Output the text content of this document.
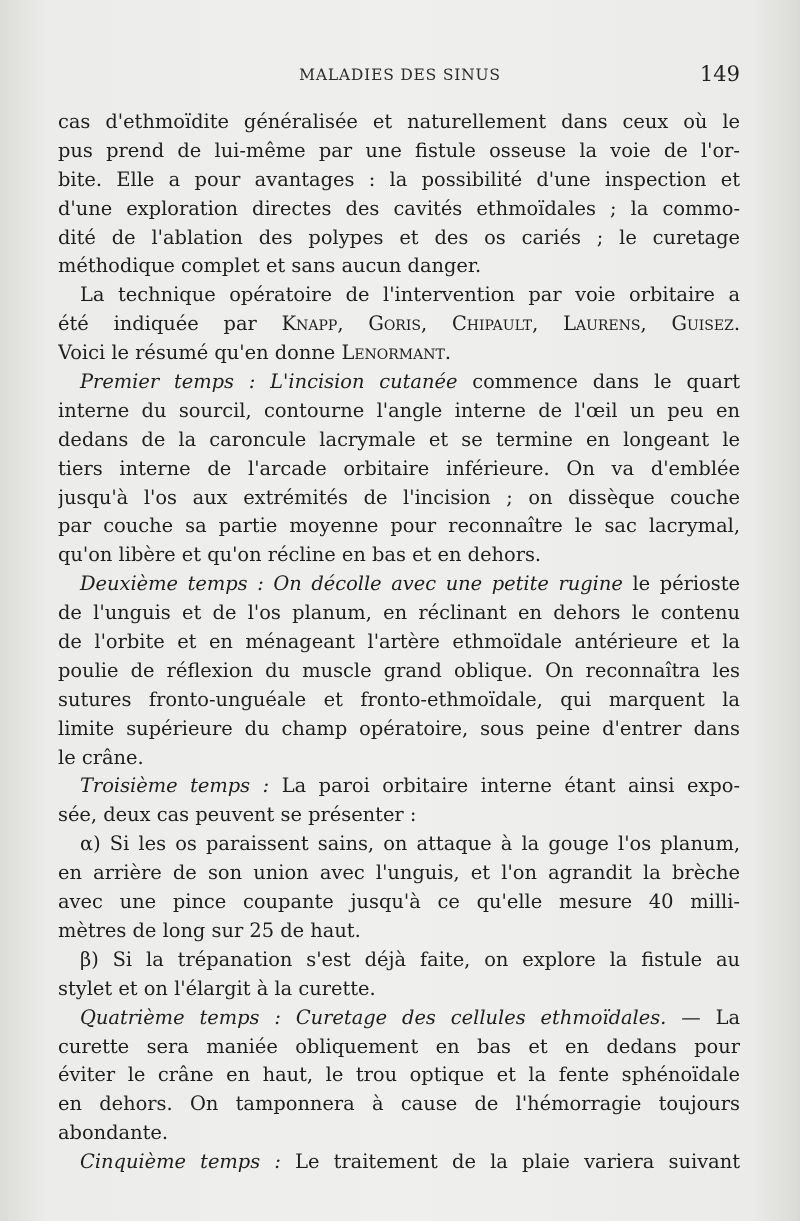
MALADIES DES SINUS	149
cas d'ethmoïdite généralisée et naturellement dans ceux où le
pus prend de lui-même par une fistule osseuse la voie de l'or-
bite. Elle a pour avantages : la possibilité d'une inspection et
d'une exploration directes des cavités ethmoïdales ; la commo-
dité de l'ablation des polypes et des os cariés ; le curetage
méthodique complet et sans aucun danger.
La technique opératoire de l'intervention par voie orbitaire a
été indiquée par Knapp, Goris, Chipault, Laurens, Guisez.
Voici le résumé qu'en donne Lenormant.
Premier temps : L'incision cutanée commence dans le quart
interne du sourcil, contourne l'angle interne de l'œil un peu en
dedans de la caroncule lacrymale et se termine en longeant le
tiers interne de l'arcade orbitaire inférieure. On va d'emblée
jusqu'à l'os aux extrémités de l'incision ; on dissèque couche
par couche sa partie moyenne pour reconnaître le sac lacrymal,
qu'on libère et qu'on récline en bas et en dehors.
Deuxième temps : On décolle avec une petite rugine le périoste
de l'unguis et de l'os planum, en réclinant en dehors le contenu
de l'orbite et en ménageant l'artère ethmoïdale antérieure et la
poulie de réflexion du muscle grand oblique. On reconnaîtra les
sutures fronto-unguéale et fronto-ethmoïdale, qui marquent la
limite supérieure du champ opératoire, sous peine d'entrer dans
le crâne.
Troisième temps : La paroi orbitaire interne étant ainsi expo-
sée, deux cas peuvent se présenter :
α) Si les os paraissent sains, on attaque à la gouge l'os planum,
en arrière de son union avec l'unguis, et l'on agrandit la brèche
avec une pince coupante jusqu'à ce qu'elle mesure 40 milli-
mètres de long sur 25 de haut.
β) Si la trépanation s'est déjà faite, on explore la fistule au
stylet et on l'élargit à la curette.
Quatrième temps : Curetage des cellules ethmoïdales. — La
curette sera maniée obliquement en bas et en dedans pour
éviter le crâne en haut, le trou optique et la fente sphénoïdale
en dehors. On tamponnera à cause de l'hémorragie toujours
abondante.
Cinquième temps : Le traitement de la plaie variera suivant
